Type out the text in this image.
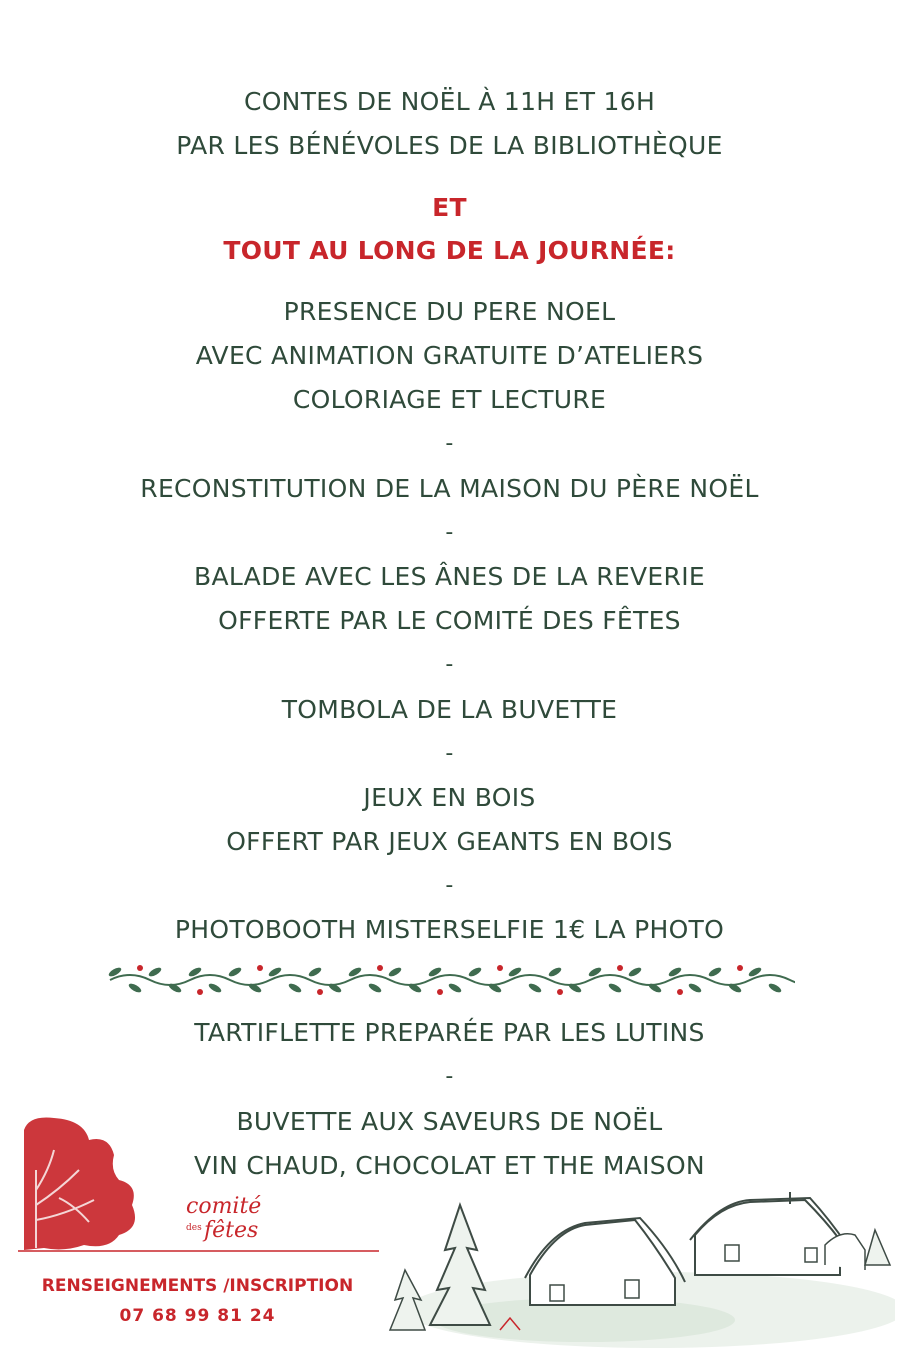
CONTES DE NOËL À 11H ET 16H
PAR LES BÉNÉVOLES DE LA BIBLIOTHÈQUE
ET
TOUT AU LONG DE LA JOURNÉE:
PRESENCE DU PERE NOEL
AVEC ANIMATION GRATUITE D’ATELIERS
COLORIAGE ET LECTURE
-
RECONSTITUTION DE LA MAISON DU PÈRE NOËL
-
BALADE AVEC LES ÂNES DE LA REVERIE
OFFERTE PAR LE COMITÉ DES FÊTES
-
TOMBOLA DE LA BUVETTE
-
JEUX EN BOIS
OFFERT PAR JEUX GEANTS EN BOIS
-
PHOTOBOOTH MISTERSELFIE 1€ LA PHOTO
TARTIFLETTE PREPARÉE PAR LES LUTINS
-
BUVETTE AUX SAVEURS DE NOËL
VIN CHAUD, CHOCOLAT ET THE MAISON
comité
des fêtes
RENSEIGNEMENTS /INSCRIPTION
07 68 99 81 24
